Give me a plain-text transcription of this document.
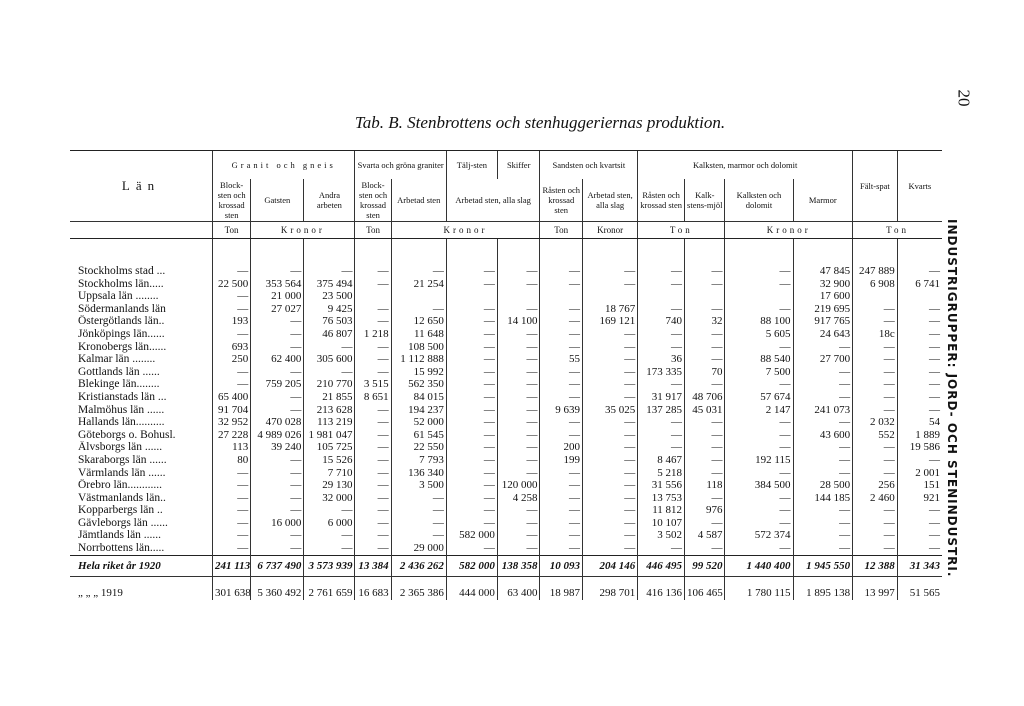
20
INDUSTRIGRUPPER: JORD- OCH STENINDUSTRI.
Tab. B. Stenbrottens och stenhuggeriernas produktion.
Län	Granit och gneis			Svarta och gröna graniter		Tälj-sten	Skiffer	Sandsten och kvartsit		Kalksten, marmor och dolomit				Fält-spat	Kvarts
	Block-sten och krossad sten	Gatsten	Andra arbeten	Block-sten och krossad sten	Arbetad sten	Arbetad sten, alla slag		Råsten och krossad sten	Arbetad sten, alla slag	Råsten och krossad sten	Kalk-stens-mjöl	Kalksten och dolomit	Marmor		
	Ton	Kronor		Ton	Kronor			Ton	Kronor	Ton		Kronor		Ton	
Stockholms stad ...	—	—	—	—	—	—	—	—	—	—	—	—	47 845	247 889	—
Stockholms län.....	22 500	353 564	375 494	—	21 254	—	—	—	—	—	—	—	32 900	6 908	6 741
Uppsala län ........	—	21 000	23 500										17 600		
Södermanlands län	—	27 027	9 425	—	—	—	—	—	18 767	—	—	—	219 695	—	—
Östergötlands län..	193	—	76 503	—	12 650	—	14 100	—	169 121	740	32	88 100	917 765	—	—
Jönköpings län......	—	—	46 807	1 218	11 648	—	—	—	—	—	—	5 605	24 643	18c	—
Kronobergs län......	693	—	—	—	108 500	—	—	—	—	—	—	—	—	—	—
Kalmar län ........	250	62 400	305 600	—	1 112 888	—	—	55	—	36	—	88 540	27 700	—	—
Gottlands län ......	—	—	—	—	15 992	—	—	—	—	173 335	70	7 500	—	—	—
Blekinge län........	—	759 205	210 770	3 515	562 350	—	—	—	—	—	—	—	—	—	—
Kristianstads län ...	65 400	—	21 855	8 651	84 015	—	—	—	—	31 917	48 706	57 674	—	—	—
Malmöhus län ......	91 704	—	213 628	—	194 237	—	—	9 639	35 025	137 285	45 031	2 147	241 073	—	—
Hallands län..........	32 952	470 028	113 219	—	52 000	—	—	—	—	—	—	—	—	2 032	54
Göteborgs o. Bohusl.	27 228	4 989 026	1 981 047	—	61 545	—	—	—	—	—	—	—	43 600	552	1 889
Älvsborgs län ......	113	39 240	105 725	—	22 550	—	—	200	—	—	—	—	—	—	19 586
Skaraborgs län ......	80	—	15 526	—	7 793	—	—	199	—	8 467	—	192 115	—	—	—
Värmlands län ......	—	—	7 710	—	136 340	—	—	—	—	5 218	—	—	—	—	2 001
Örebro län............	—	—	29 130	—	3 500	—	120 000	—	—	31 556	118	384 500	28 500	256	151
Västmanlands län..	—	—	32 000	—	—	—	4 258	—	—	13 753	—	—	144 185	2 460	921
Kopparbergs län ..	—	—	—	—	—	—	—	—	—	11 812	976	—	—	—	—
Gävleborgs län ......	—	16 000	6 000	—	—	—	—	—	—	10 107	—	—	—	—	—
Jämtlands län ......	—	—	—	—	—	582 000	—	—	—	3 502	4 587	572 374	—	—	—
Norrbottens län.....	—	—	—	—	29 000	—	—	—	—	—	—	—	—	—	—
Hela riket år 1920	241 113	6 737 490	3 573 939	13 384	2 436 262	582 000	138 358	10 093	204 146	446 495	99 520	1 440 400	1 945 550	12 388	31 343
„ „ „ 1919	301 638	5 360 492	2 761 659	16 683	2 365 386	444 000	63 400	18 987	298 701	416 136	106 465	1 780 115	1 895 138	13 997	51 565
